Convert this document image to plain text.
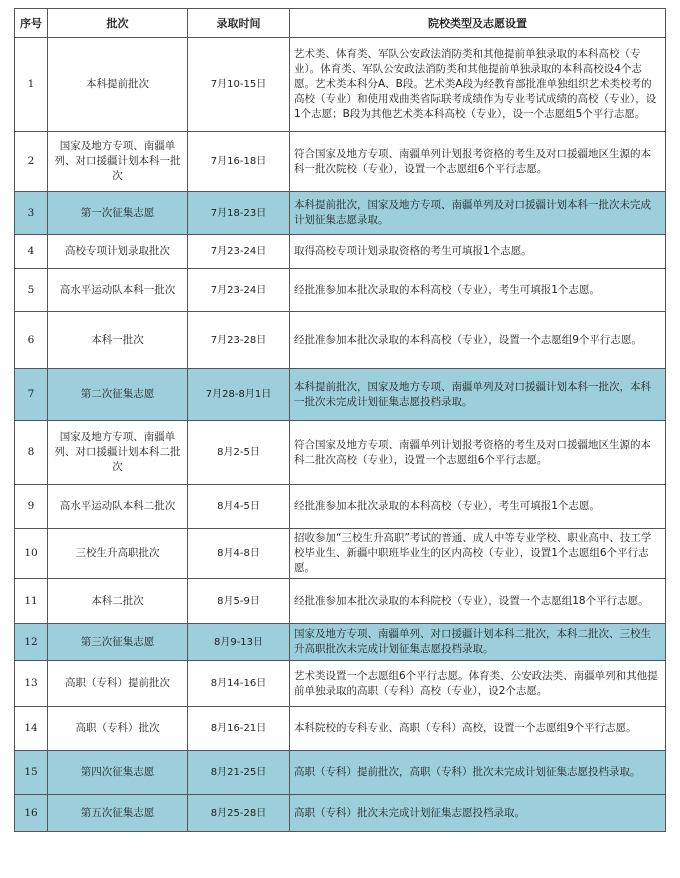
序号	批次	录取时间	院校类型及志愿设置
1	本科提前批次	7月10-15日	艺术类、体育类、军队公安政法消防类和其他提前单独录取的本科高校（专业）。体育类、军队公安政法消防类和其他提前单独录取的本科高校设4个志愿。艺术类本科分A、B段。艺术类A段为经教育部批准单独组织艺术类校考的高校（专业）和使用戏曲类省际联考成绩作为专业考试成绩的高校（专业），设1个志愿；B段为其他艺术类本科高校（专业），设一个志愿组5个平行志愿。
2	国家及地方专项、南疆单列、对口援疆计划本科一批次	7月16-18日	符合国家及地方专项、南疆单列计划报考资格的考生及对口援疆地区生源的本科一批次院校（专业），设置一个志愿组6个平行志愿。
3	第一次征集志愿	7月18-23日	本科提前批次，国家及地方专项、南疆单列及对口援疆计划本科一批次未完成计划征集志愿录取。
4	高校专项计划录取批次	7月23-24日	取得高校专项计划录取资格的考生可填报1个志愿。
5	高水平运动队本科一批次	7月23-24日	经批准参加本批次录取的本科高校（专业），考生可填报1个志愿。
6	本科一批次	7月23-28日	经批准参加本批次录取的本科高校（专业），设置一个志愿组9个平行志愿。
7	第二次征集志愿	7月28-8月1日	本科提前批次，国家及地方专项、南疆单列及对口援疆计划本科一批次，本科一批次未完成计划征集志愿投档录取。
8	国家及地方专项、南疆单列、对口援疆计划本科二批次	8月2-5日	符合国家及地方专项、南疆单列计划报考资格的考生及对口援疆地区生源的本科二批次高校（专业），设置一个志愿组6个平行志愿。
9	高水平运动队本科二批次	8月4-5日	经批准参加本批次录取的本科高校（专业），考生可填报1个志愿。
10	三校生升高职批次	8月4-8日	招收参加“三校生升高职”考试的普通、成人中等专业学校、职业高中、技工学校毕业生、新疆中职班毕业生的区内高校（专业），设置1个志愿组6个平行志愿。
11	本科二批次	8月5-9日	经批准参加本批次录取的本科院校（专业），设置一个志愿组18个平行志愿。
12	第三次征集志愿	8月9-13日	国家及地方专项、南疆单列、对口援疆计划本科二批次，本科二批次、三校生升高职批次未完成计划征集志愿投档录取。
13	高职（专科）提前批次	8月14-16日	艺术类设置一个志愿组6个平行志愿。体育类、公安政法类、南疆单列和其他提前单独录取的高职（专科）高校（专业），设2个志愿。
14	高职（专科）批次	8月16-21日	本科院校的专科专业、高职（专科）高校，设置一个志愿组9个平行志愿。
15	第四次征集志愿	8月21-25日	高职（专科）提前批次，高职（专科）批次未完成计划征集志愿投档录取。
16	第五次征集志愿	8月25-28日	高职（专科）批次未完成计划征集志愿投档录取。
